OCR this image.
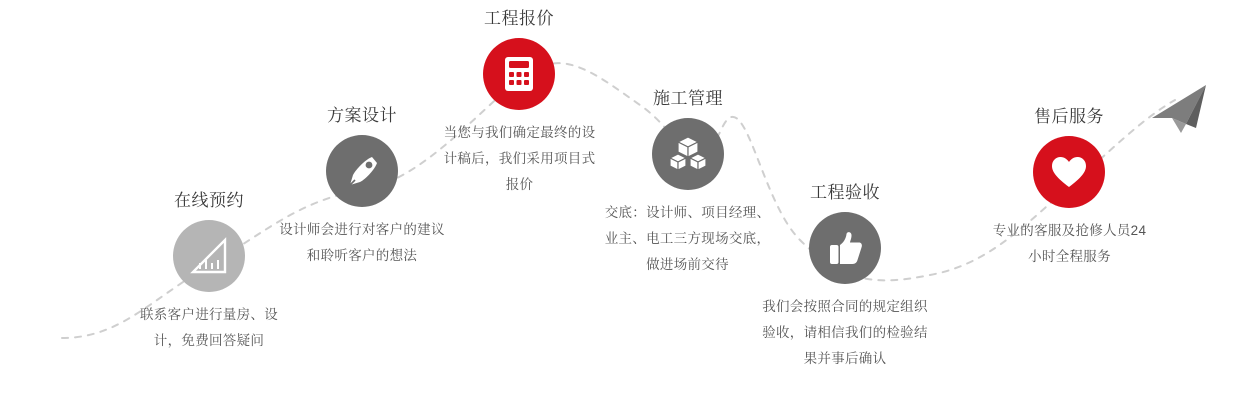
在线预约
联系客户进行量房、设计，免费回答疑问
方案设计
设计师会进行对客户的建议和聆听客户的想法
工程报价
当您与我们确定最终的设计稿后，我们采用项目式报价
施工管理
交底：设计师、项目经理、业主、电工三方现场交底，做进场前交待
工程验收
我们会按照合同的规定组织验收，请相信我们的检验结果并事后确认
售后服务
专业的客服及抢修人员24小时全程服务
